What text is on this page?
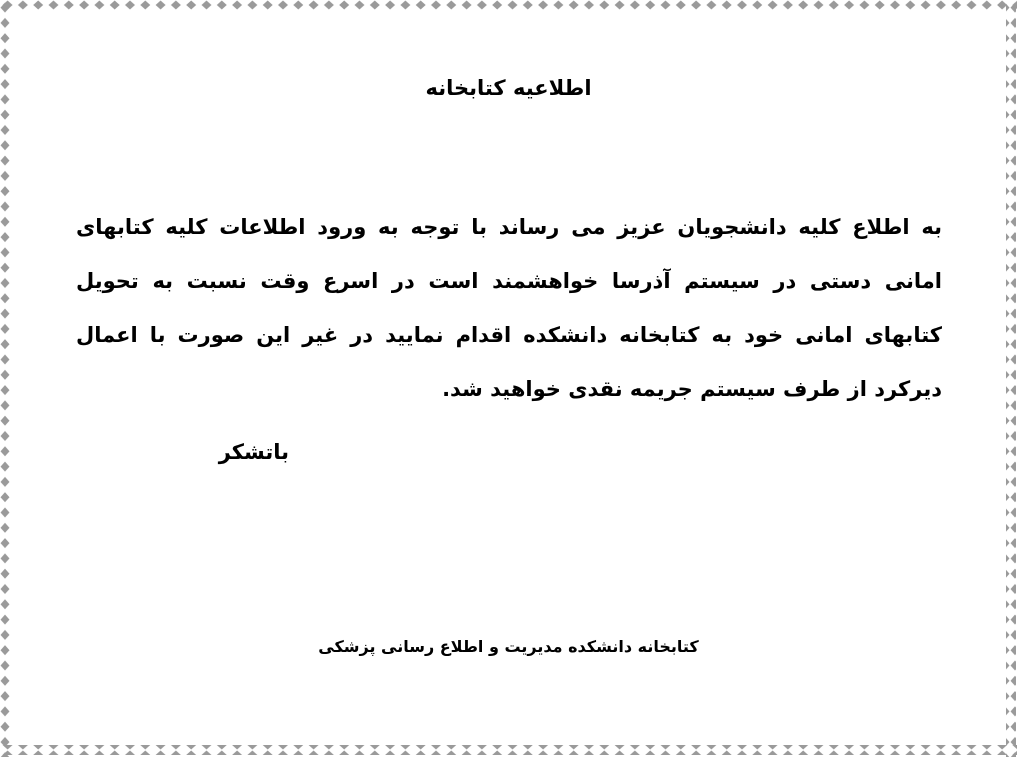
اطلاعیه کتابخانه
به اطلاع کلیه دانشجویان عزیز می رساند با توجه به ورود اطلاعات کلیه کتابهای امانی دستی در سیستم آذرسا خواهشمند است در اسرع وقت نسبت به تحویل کتابهای امانی خود به کتابخانه دانشکده اقدام نمایید در غیر این صورت با اعمال دیرکرد از طرف سیستم جریمه نقدی خواهید شد.
باتشکر
کتابخانه دانشکده مدیریت و اطلاع رسانی پزشکی
